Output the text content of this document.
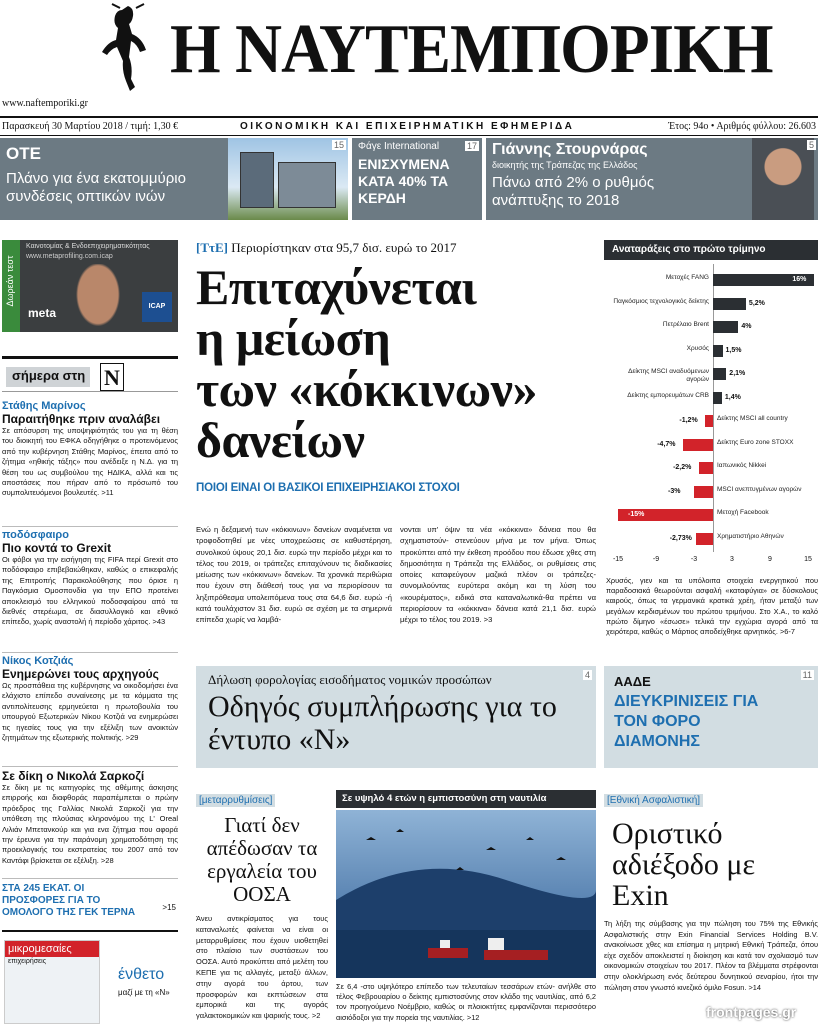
Η ΝΑΥΤΕΜΠΟΡΙΚΗ
www.naftemporiki.gr
Παρασκευή 30 Μαρτίου 2018 / τιμή: 1,30 €	ΟΙΚΟΝΟΜΙΚΗ ΚΑΙ ΕΠΙΧΕΙΡΗΜΑΤΙΚΗ ΕΦΗΜΕΡΙΔΑ	Έτος: 94ο • Αριθμός φύλλου: 26.603
ΟΤΕ
Πλάνο για ένα εκατομμύριο συνδέσεις οπτικών ινών
15 Φάγε International
ΕΝΙΣΧΥΜΕΝΑ ΚΑΤΑ 40% ΤΑ ΚΕΡΔΗ
17 Γιάννης Στουρνάρας
διοικητής της Τράπεζας της Ελλάδος
Πάνω από 2% ο ρυθμός ανάπτυξης το 2018
5
Δωρεάν τεστ
Καινοτομίας & Ενδοεπιχειρηματικότητας
www.metaprofiling.com.icap
meta	ICAP
σήμερα στη Ν
Στάθης Μαρίνος
Παραιτήθηκε πριν αναλάβει
Σε απόσυρση της υποψηφιότητάς του για τη θέση του διοικητή του ΕΦΚΑ οδηγήθηκε ο προτεινόμενος από την κυβέρνηση Στάθης Μαρίνος, έπειτα από το ζήτημα «ηθικής τάξης» που ανέδειξε η Ν.Δ. για τη θέση του ως συμβούλου της ΗΔΙΚΑ, αλλά και τις αποστάσεις που πήραν από το πρόσωπό του συμπολιτευόμενοι βουλευτές. >11
ποδόσφαιρο
Πιο κοντά το Grexit
Οι φόβοι για την εισήγηση της FIFA περί Grexit στο ποδόσφαιρο επιβεβαιώθηκαν, καθώς ο επικεφαλής της Επιτροπής Παρακολούθησης που όρισε η Παγκόσμια Ομοσπονδία για την ΕΠΟ προτείνει αποκλεισμό του ελληνικού ποδοσφαίρου από τα διεθνές στερέωμα, σε διασυλλογικό και εθνικό επίπεδο, χωρίς αναστολή ή περίοδο χάριτος. >43
Νίκος Κοτζιάς
Ενημερώνει τους αρχηγούς
Ως προσπάθεια της κυβέρνησης να οικοδομήσει ένα ελάχιστο επίπεδο συναίνεσης με τα κόμματα της αντιπολίτευσης ερμηνεύεται η πρωτοβουλία του υπουργού Εξωτερικών Νίκου Κοτζιά να ενημερώσει τις ηγεσίες τους για την εξέλιξη των ανοικτών ζητημάτων της εξωτερικής πολιτικής. >29
Σε δίκη ο Νικολά Σαρκοζί
Σε δίκη με τις κατηγορίες της αθέμιτης άσκησης επιρροής και διαφθοράς παραπέμπεται ο πρώην πρόεδρος της Γαλλίας Νικολά Σαρκοζί για την υπόθεση της πλούσιας κληρονόμου της L' Oreal Λιλιάν Μπετανκούρ και για ενα ζήτημα που αφορά την έρευνα για την παράνομη χρηματοδότηση της προεκλογικής του εκστρατείας του 2007 από τον Καντάφι βρίσκεται σε εξέλιξη. >28
ΣΤΑ 245 ΕΚΑΤ. ΟΙ ΠΡΟΣΦΟΡΕΣ ΓΙΑ ΤΟ ΟΜΟΛΟΓΟ ΤΗΣ ΓΕΚ ΤΕΡΝΑ	>15
μικρομεσαίες
επιχειρήσεις
ένθετο
μαζί με τη «Ν»
[ΤτΕ] Περιορίστηκαν στα 95,7 δισ. ευρώ το 2017
Επιταχύνεται
η μείωση
των «κόκκινων»
δανείων
ΠΟΙΟΙ ΕΙΝΑΙ ΟΙ ΒΑΣΙΚΟΙ ΕΠΙΧΕΙΡΗΣΙΑΚΟΙ ΣΤΟΧΟΙ
Ενώ η δεξαμενή των «κόκκινων» δανείων αναμένεται να τροφοδοτηθεί με νέες υποχρεώσεις σε καθυστέρηση, συνολικού ύψους 20,1 δισ. ευρώ την περίοδο μέχρι και το τέλος του 2019, οι τράπεζες επιταχύνουν τις διαδικασίες μείωσης των «κόκκινων» δανείων. Τα χρονικά περιθώρια που έχουν στη διάθεσή τους για να περιορίσουν τα ληξιπρόθεσμα υπολειπόμενα τους στα 64,6 δισ. ευρώ -ή κατά τουλάχιστον 31 δισ. ευρώ σε σχέση με τα σημερινά επίπεδα χωρίς να λαμβά-
νονται υπ' όψιν τα νέα «κόκκινα» δάνεια που θα σχηματιστούν- στενεύουν μήνα με τον μήνα. Όπως προκύπτει από την έκθεση προόδου που έδωσε χθες στη δημοσιότητα η Τράπεζα της Ελλάδος, οι ρυθμίσεις στις οποίες καταφεύγουν μαζικά πλέον οι τράπεζες-συνομιλούντας ευρύτερα ακόμη και τη λύση του «κουρέματος», ειδικά στα καταναλωτικά-θα πρέπει να περιορίσουν τα «κόκκινα» δάνεια κατά 21,1 δισ. ευρώ μέχρι το τέλος του 2019. >3
Αναταράξεις στο πρώτο τρίμηνο
Μετοχές FANG	16%
Παγκόσμιος τεχνολογικός δείκτης	5,2%
Πετρέλαιο Brent	4%
Χρυσός 1,5%
Δείκτης MSCI αναδυόμενων αγορών
2,1%
Δείκτης εμπορευμάτων CRB 1,4%
Δείκτης MSCI all country
-1,2%
Δείκτης Euro zone STOXX
-4,7%
Ιαπωνικός Nikkei
-2,2%
MSCI ανεπτυγμένων αγορών
-3%
Μετοχή Facebook
-15%
Χρηματιστήριο Αθηνών
-2,73%
-15	-9	-3	3	9	15
Χρυσός, γιεν και τα υπόλοιπα στοιχεία ενεργητικού που παραδοσιακά θεωρούνται ασφαλή «καταφύγια» σε δύσκολους καιρούς, όπως τα γερμανικά κρατικά χρέη, ήταν μεταξύ των μεγάλων κερδισμένων του πρώτου τριμήνου. Στο Χ.Α., το καλό πρώτο δίμηνο «έσωσε» τελικά την εγχώρια αγορά από τα χειρότερα, καθώς ο Μάρτιος αποδείχθηκε αρνητικός. >6-7
Δήλωση φορολογίας εισοδήματος νομικών προσώπων
Οδηγός συμπλήρωσης για το έντυπο «Ν»
4 ΑΑΔΕ
ΔΙΕΥΚΡΙΝΙΣΕΙΣ ΓΙΑ ΤΟΝ ΦΟΡΟ ΔΙΑΜΟΝΗΣ
11
[μεταρρυθμίσεις]
Γιατί δεν απέδωσαν τα εργαλεία του ΟΟΣΑ
Άνευ αντικρίσματος για τους καταναλωτές φαίνεται να είναι οι μεταρρυθμίσεις που έχουν υιοθετηθεί στο πλαίσιο των συστάσεων του ΟΟΣΑ. Αυτό προκύπτει από μελέτη του ΚΕΠΕ για τις αλλαγές, μεταξύ άλλων, στην αγορά του άρτου, των προσφορών και εκπτώσεων στα εμπορικά και της αγοράς γαλακτοκομικών και ψαρικής τους. >2
Σε υψηλό 4 ετών η εμπιστοσύνη στη ναυτιλία
Σε 6,4 -στο υψηλότερο επίπεδο των τελευταίων τεσσάρων ετών- ανήλθε στο τέλος Φεβρουαρίου ο δείκτης εμπιστοσύνης στον κλάδο της ναυτιλίας, από 6,2 τον προηγούμενο Νοέμβριο, καθώς οι πλοιοκτήτες εμφανίζονται περισσότερο αισιόδοξοι για την πορεία της ναυτιλίας. >12
[Εθνική Ασφαλιστική]
Οριστικό αδιέξοδο με Exin
Τη λήξη της σύμβασης για την πώληση του 75% της Εθνικής Ασφαλιστικής στην Exin Financial Services Holding B.V. ανακοίνωσε χθες και επίσημα η μητρική Εθνική Τράπεζα, όπου είχε σχεδόν αποκλειστεί η διοίκηση και κατά τον σχολιασμό των οικονομικών στοιχείων του 2017. Πλέον τα βλέμματα στρέφονται στην ολοκλήρωση ενός δεύτερου δυνητικού σεναρίου, ήτοι την πώληση στον γνωστό κινεζικό όμιλο Fosun. >14
frontpages.gr
